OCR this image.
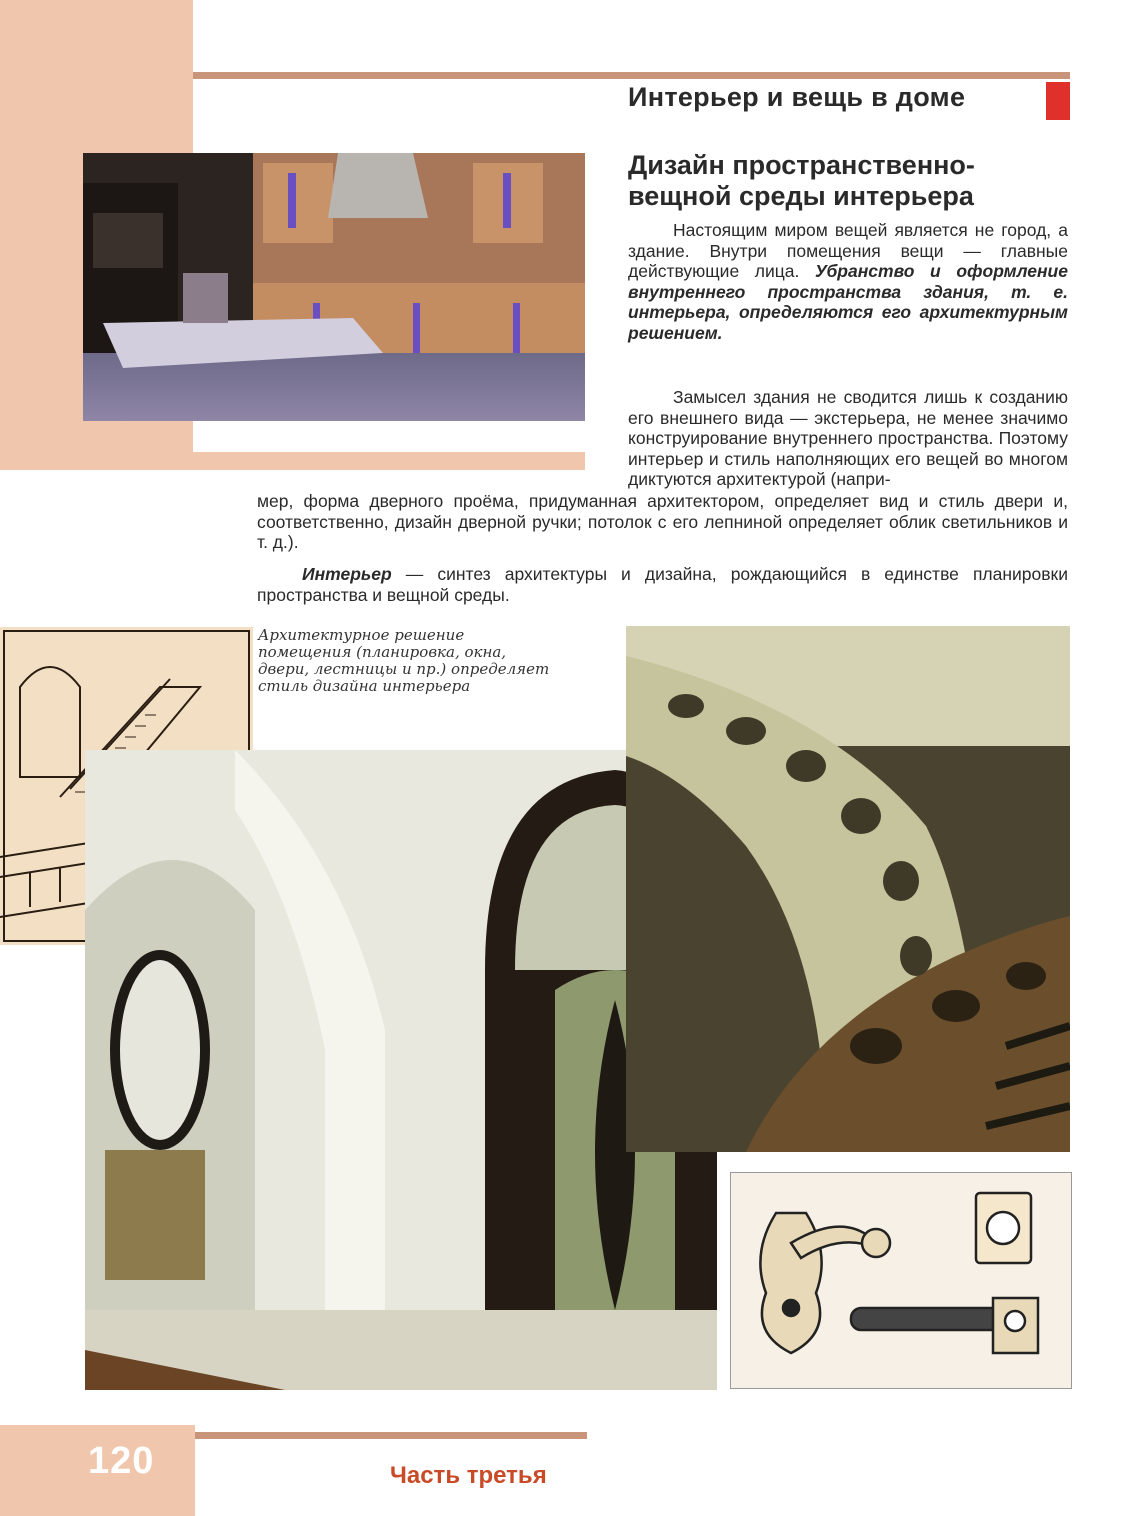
Интерьер и вещь в доме
Дизайн пространственно-
вещной среды интерьера
Настоящим миром вещей является не город, а здание. Внутри помещения вещи — главные действующие лица. Убранство и оформление внутреннего пространства здания, т. е. интерьера, определяются его архитектурным решением.
Замысел здания не сводится лишь к созданию его внешнего вида — экстерьера, не менее значимо конструирование внутреннего пространства. Поэтому интерьер и стиль наполняющих его вещей во многом диктуются архитектурой (напри-
мер, форма дверного проёма, придуманная архитектором, определяет вид и стиль двери и, соответственно, дизайн дверной ручки; потолок с его лепниной определяет облик светильников и т. д.).
Интерьер — синтез архитектуры и дизайна, рождающийся в единстве планировки пространства и вещной среды.
Архитектурное решение помещения (планировка, окна, двери, лестницы и пр.) определяет стиль дизайна интерьера
120	Часть третья
